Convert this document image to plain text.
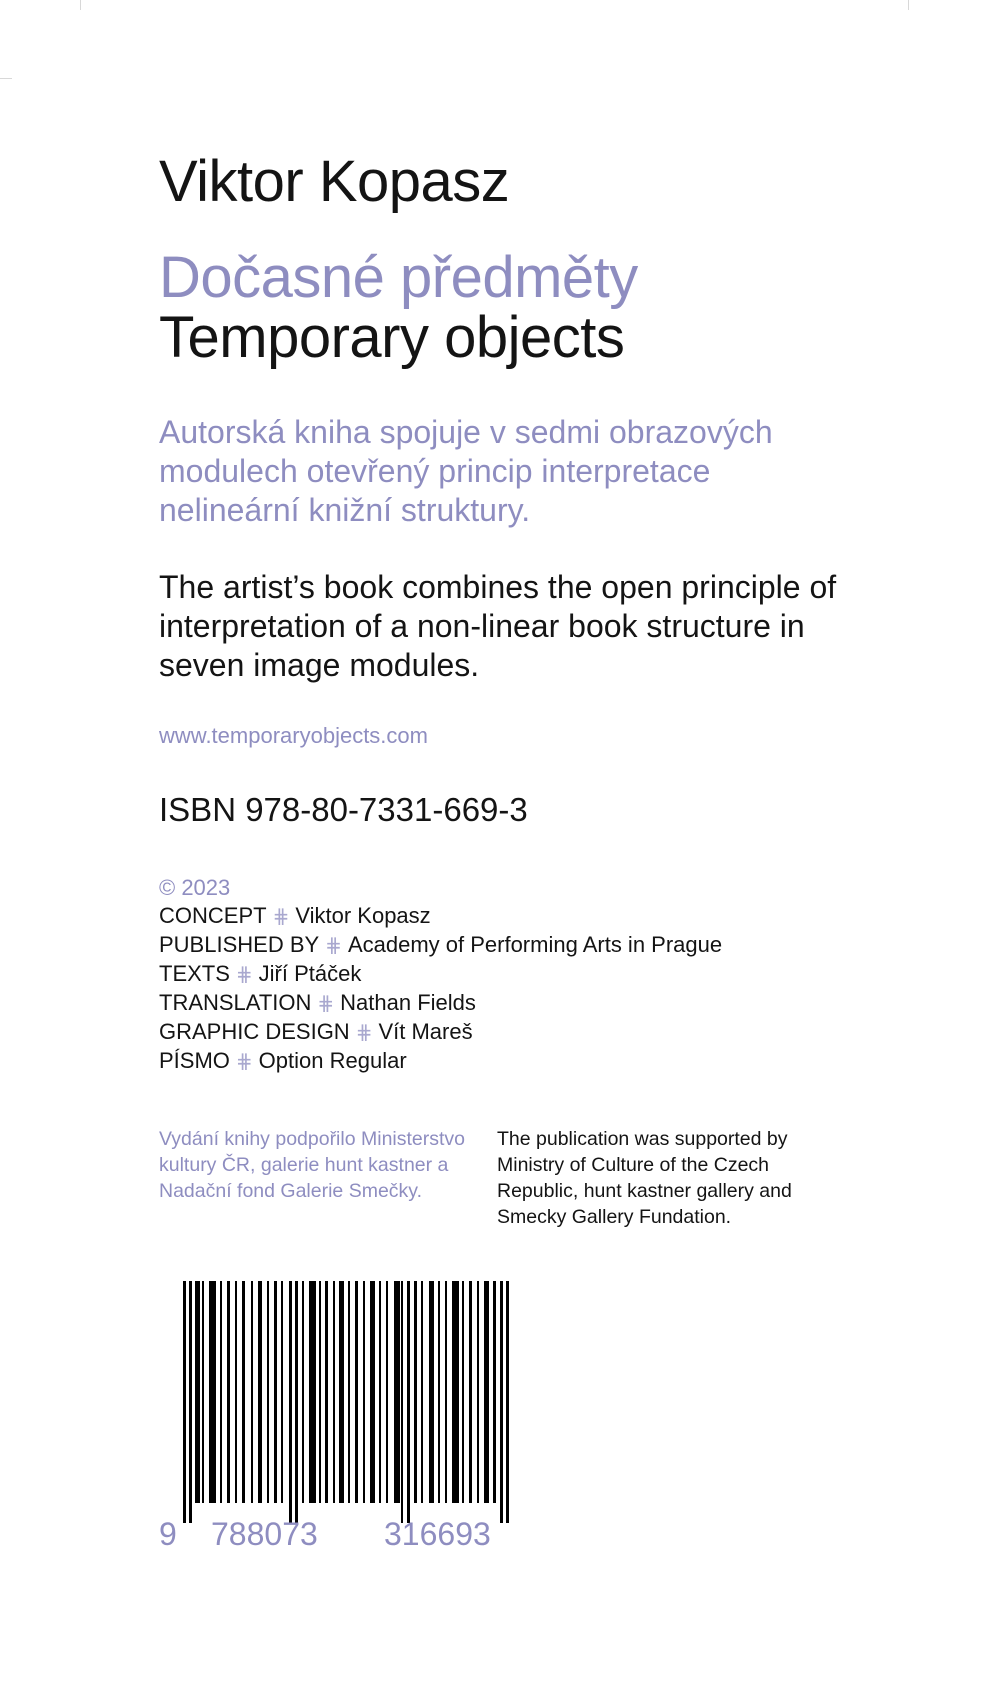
Viktor Kopasz
Dočasné předměty
Temporary objects
Autorská kniha spojuje v sedmi obrazových modulech otevřený princip interpretace nelineární knižní struktury.
The artist’s book combines the open principle of interpretation of a non-linear book structure in seven image modules.
www.temporaryobjects.com
ISBN 978-80-7331-669-3
© 2023
CONCEPT ⋕ Viktor Kopasz
PUBLISHED BY ⋕ Academy of Performing Arts in Prague
TEXTS ⋕ Jiří Ptáček
TRANSLATION ⋕ Nathan Fields
GRAPHIC DESIGN ⋕ Vít Mareš
PÍSMO ⋕ Option Regular
Vydání knihy podpořilo Ministerstvo kultury ČR, galerie hunt kastner a Nadační fond Galerie Smečky.
The publication was supported by Ministry of Culture of the Czech Republic, hunt kastner gallery and Smecky Gallery Fundation.
9 788073 316693
